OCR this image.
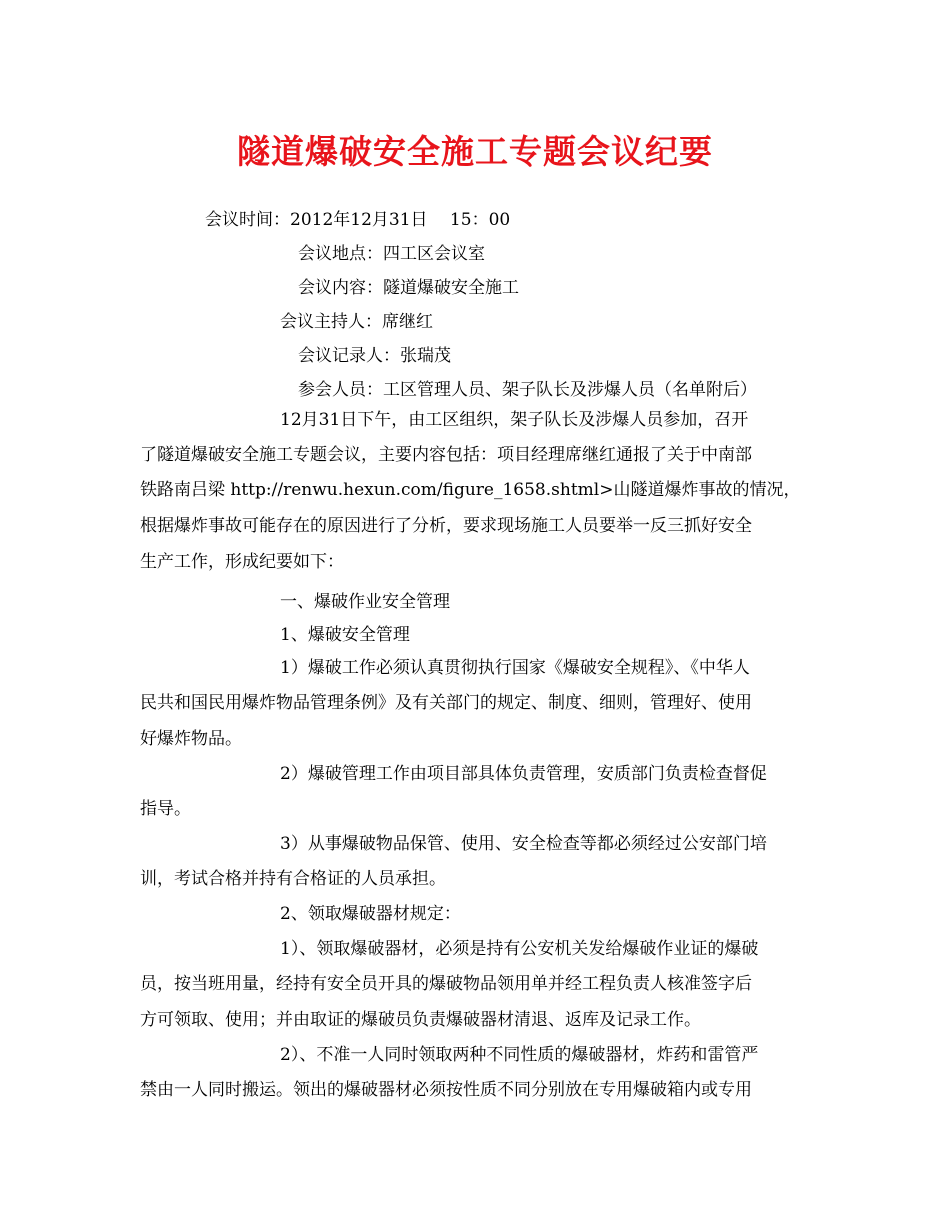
隧道爆破安全施工专题会议纪要
会议时间：2012年12月31日　 15：00
会议地点：四工区会议室
会议内容：隧道爆破安全施工
会议主持人：席继红
会议记录人：张瑞茂
参会人员：工区管理人员、架子队长及涉爆人员（名单附后）
12月31日下午，由工区组织，架子队长及涉爆人员参加，召开
了隧道爆破安全施工专题会议，主要内容包括：项目经理席继红通报了关于中南部
铁路南吕梁 http://renwu.hexun.com/figure_1658.shtml>山隧道爆炸事故的情况，
根据爆炸事故可能存在的原因进行了分析，要求现场施工人员要举一反三抓好安全
生产工作，形成纪要如下：
一、爆破作业安全管理
1、爆破安全管理
1）爆破工作必须认真贯彻执行国家《爆破安全规程》、《中华人
民共和国民用爆炸物品管理条例》及有关部门的规定、制度、细则，管理好、使用
好爆炸物品。
2）爆破管理工作由项目部具体负责管理，安质部门负责检查督促
指导。
3）从事爆破物品保管、使用、安全检查等都必须经过公安部门培
训，考试合格并持有合格证的人员承担。
2、领取爆破器材规定：
1）、领取爆破器材，必须是持有公安机关发给爆破作业证的爆破
员，按当班用量，经持有安全员开具的爆破物品领用单并经工程负责人核准签字后
方可领取、使用；并由取证的爆破员负责爆破器材清退、返库及记录工作。
2）、不准一人同时领取两种不同性质的爆破器材，炸药和雷管严
禁由一人同时搬运。领出的爆破器材必须按性质不同分别放在专用爆破箱内或专用
